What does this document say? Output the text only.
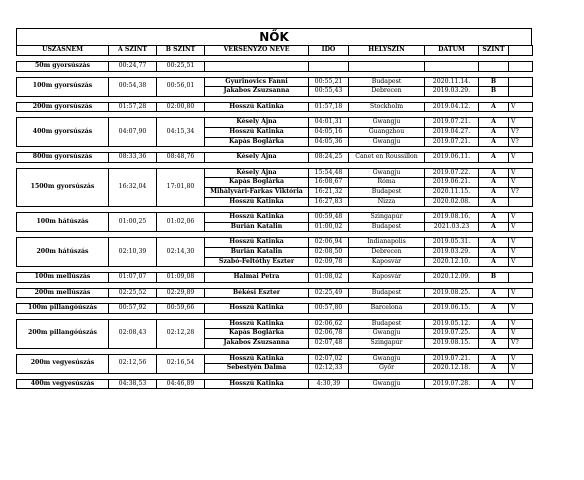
NŐK
ÚSZÁSNEM	A SZINT	B SZINT	VERSENYZŐ NEVE	IDŐ	HELYSZÍN	DÁTUM	SZINT	

50m gyorsúszás	00:24,77	00:25,51						

100m gyorsúszás	00:54,38	00:56,01	Gyurinovics Fanni	00:55,21	Budapest	2020.11.14.	B	
			Jakabos Zsuzsanna	00:55,43	Debrecen	2019.03.29.	B	

200m gyorsúszás	01:57,28	02:00,80	Hosszú Katinka	01:57,18	Stockholm	2019.04.12.	A	V

400m gyorsúszás	04:07,90	04:15,34	Késely Ajna	04:01,31	Gwangju	2019.07.21.	A	V
			Hosszú Katinka	04:05,16	Guangzhou	2019.04.27.	A	V?
			Kapás Boglárka	04:05,36	Gwangju	2019.07.21.	A	V?

800m gyorsúszás	08:33,36	08:48,76	Késely Ajna	08:24,25	Canet en Roussillon	2019.06.11.	A	V

1500m gyorsúszás	16:32,04	17:01,80	Késely Ajna	15:54,48	Gwangju	2019.07.22.	A	V
			Kapás Boglárka	16:08,67	Róma	2019.06.21.	A	V
			Mihályvári-Farkas Viktória	16:21,32	Budapest	2020.11.15.	A	V?
			Hosszú Katinka	16:27,83	Nizza	2020.02.08.	A	

100m hátúszás	01:00,25	01:02,06	Hosszú Katinka	00:59,48	Szingapúr	2019.08.16.	A	V
			Burián Katalin	01:00,02	Budapest	2021.03.23	A	V

200m hátúszás	02:10,39	02:14,30	Hosszú Katinka	02:06,94	Indianapolis	2019.05.31.	A	V
			Burián Katalin	02:08,50	Debrecen	2019.03.29.	A	V
			Szabó-Feltóthy Eszter	02:09,78	Kaposvár	2020.12.10.	A	V

100m mellúszás	01:07,07	01:09,08	Halmai Petra	01:08,02	Kaposvár	2020.12.09.	B	

200m mellúszás	02:25,52	02:29,89	Békési Eszter	02:25,49	Budapest	2019.08.25.	A	V

100m pillangóúszás	00:57,92	00:59,66	Hosszú Katinka	00:57,80	Barcelona	2019.06.15.	A	V

200m pillangóúszás	02:08,43	02:12,28	Hosszú Katinka	02:06,62	Budapest	2019.05.12.	A	V
			Kapás Boglárka	02:06,78	Gwangju	2019.07.25.	A	V
			Jakabos Zsuzsanna	02:07,48	Szingapúr	2019.08.15.	A	V?

200m vegyesúszás	02:12,56	02:16,54	Hosszú Katinka	02:07,02	Gwangju	2019.07.21.	A	V
			Sebestyén Dalma	02:12,33	Győr	2020.12.18.	A	V

400m vegyesúszás	04:38,53	04:46,89	Hosszú Katinka	4:30,39	Gwangju	2019.07.28.	A	V
